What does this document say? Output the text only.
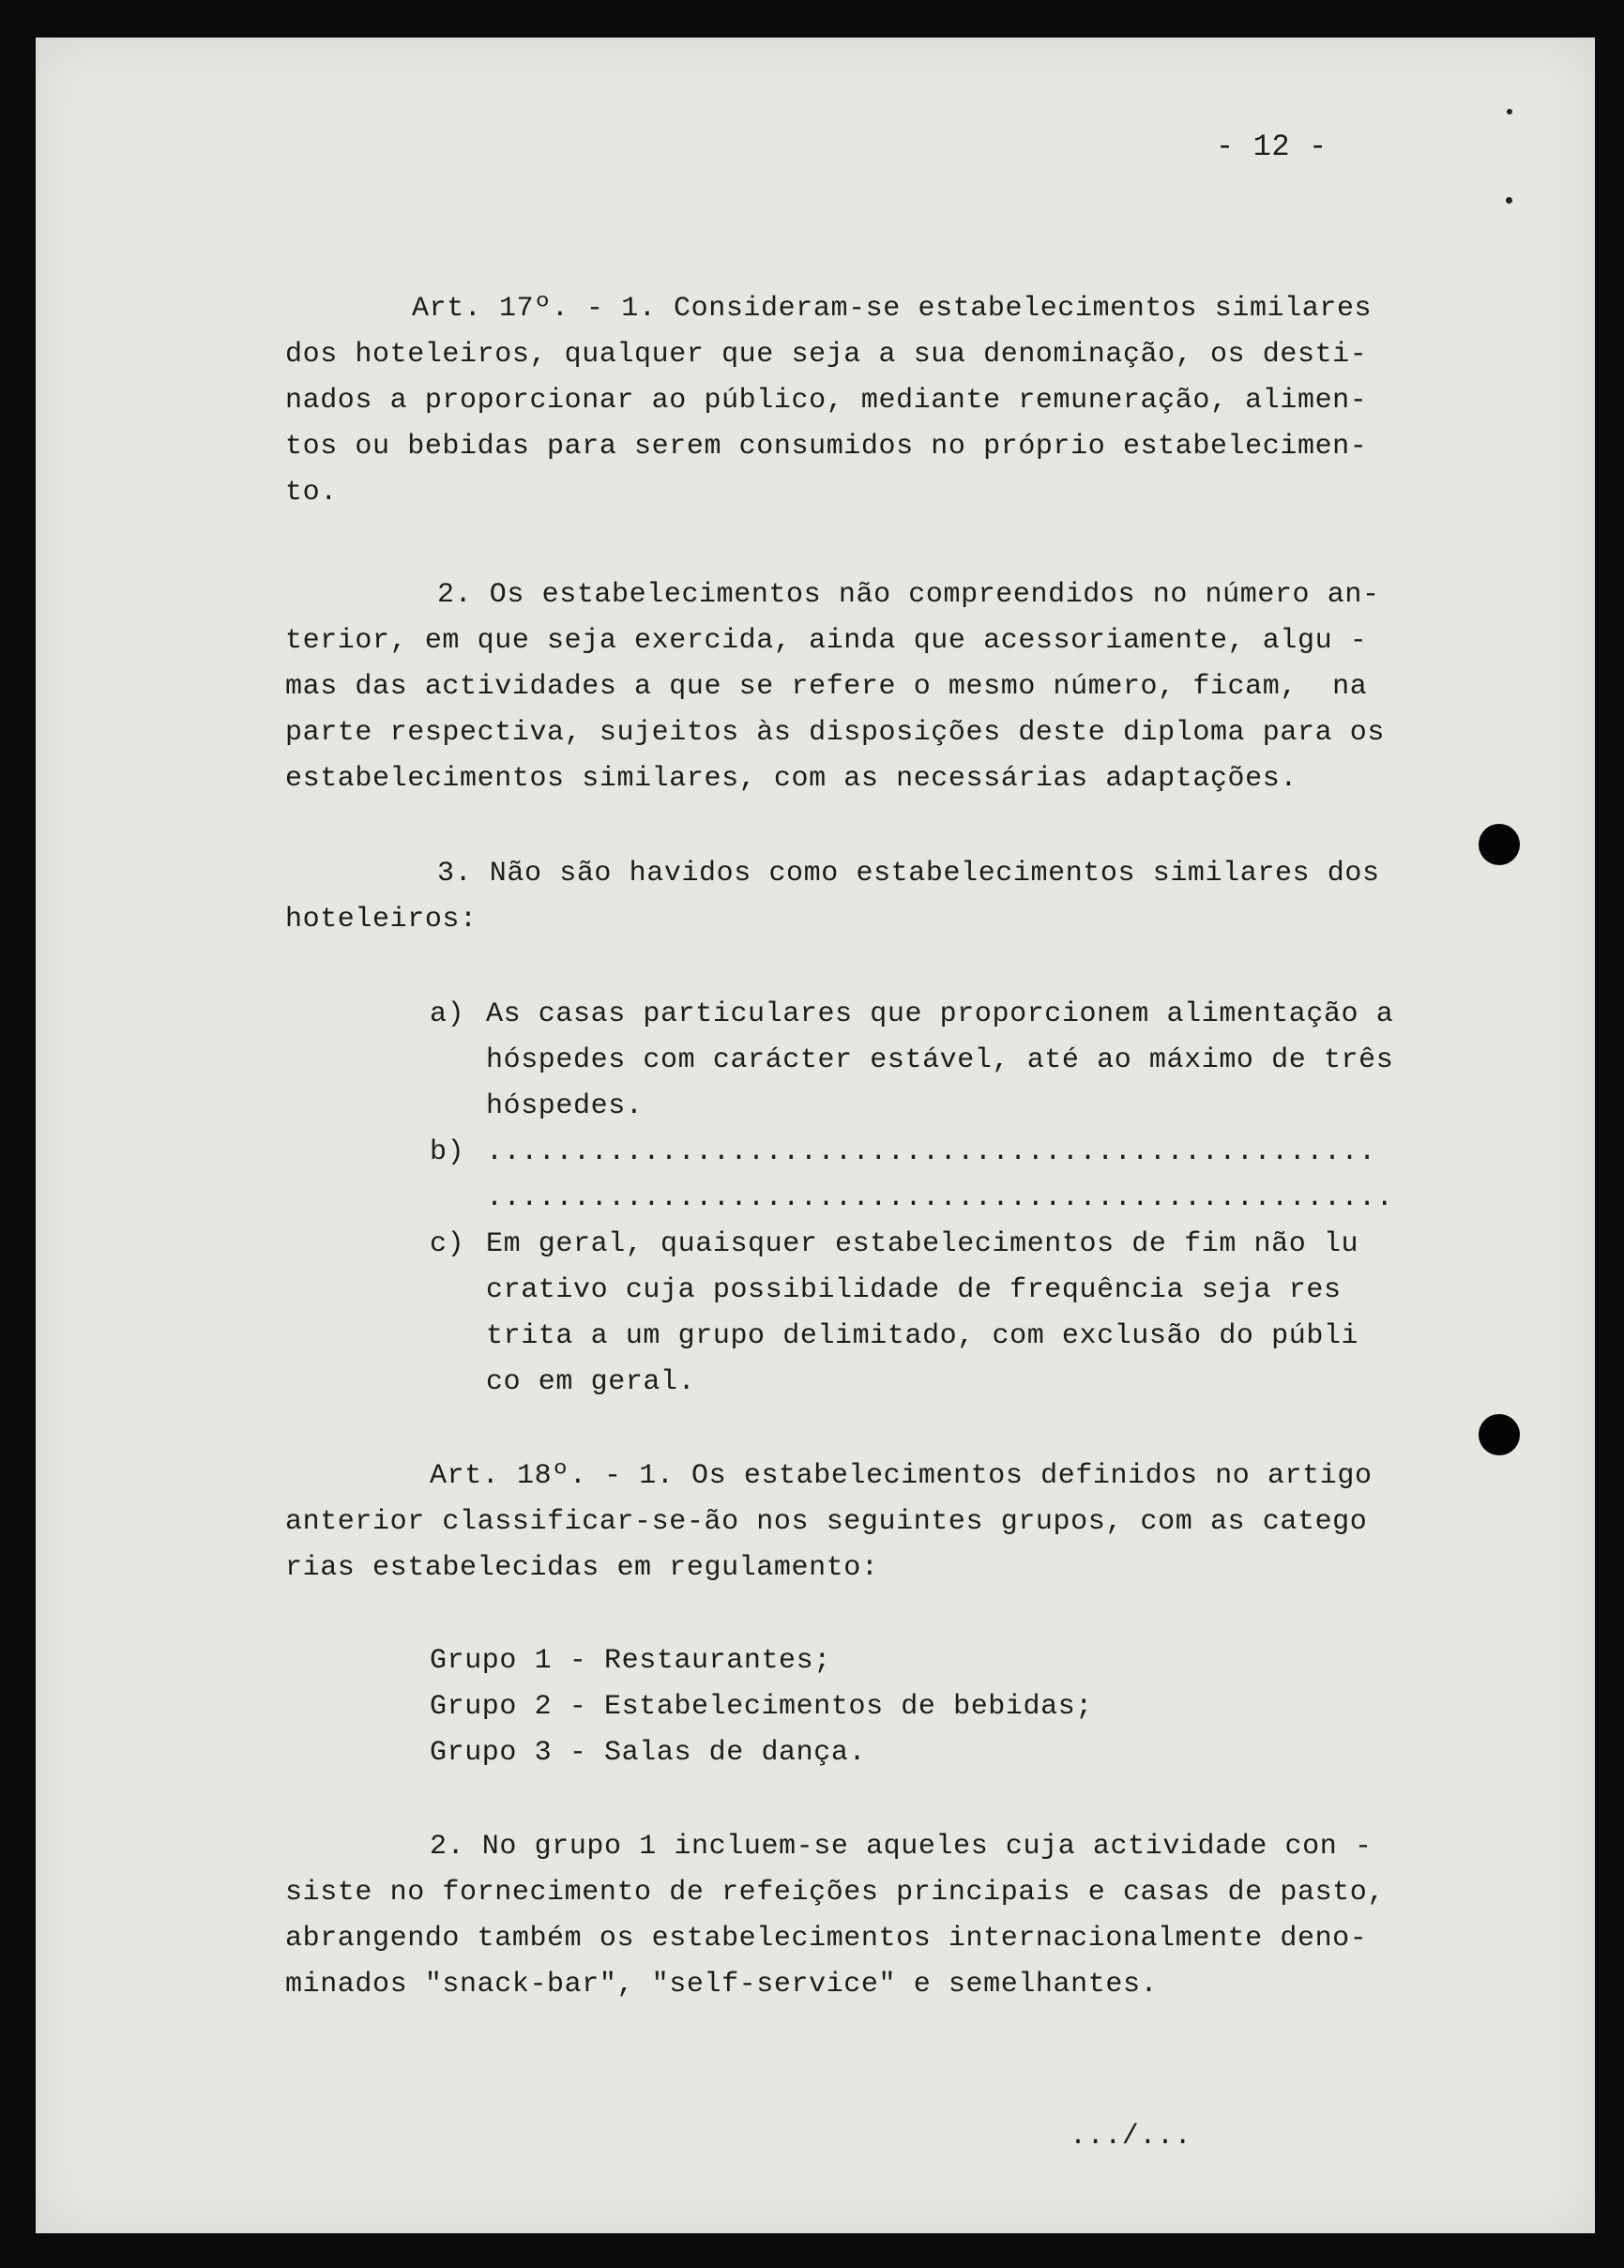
- 12 -
Art. 17º. - 1. Consideram-se estabelecimentos similares
dos hoteleiros, qualquer que seja a sua denominação, os desti-
nados a proporcionar ao público, mediante remuneração, alimen-
tos ou bebidas para serem consumidos no próprio estabelecimen-
to.
2. Os estabelecimentos não compreendidos no número an-
terior, em que seja exercida, ainda que acessoriamente, algu -
mas das actividades a que se refere o mesmo número, ficam,  na
parte respectiva, sujeitos às disposições deste diploma para os
estabelecimentos similares, com as necessárias adaptações.
3. Não são havidos como estabelecimentos similares dos
hoteleiros:
a) As casas particulares que proporcionem alimentação a
hóspedes com carácter estável, até ao máximo de três
hóspedes.
b) ...................................................
....................................................
c) Em geral, quaisquer estabelecimentos de fim não lu
crativo cuja possibilidade de frequência seja res
trita a um grupo delimitado, com exclusão do públi
co em geral.
Art. 18º. - 1. Os estabelecimentos definidos no artigo
anterior classificar-se-ão nos seguintes grupos, com as catego
rias estabelecidas em regulamento:
Grupo 1 - Restaurantes;
Grupo 2 - Estabelecimentos de bebidas;
Grupo 3 - Salas de dança.
2. No grupo 1 incluem-se aqueles cuja actividade con -
siste no fornecimento de refeições principais e casas de pasto,
abrangendo também os estabelecimentos internacionalmente deno-
minados "snack-bar", "self-service" e semelhantes.
.../...
